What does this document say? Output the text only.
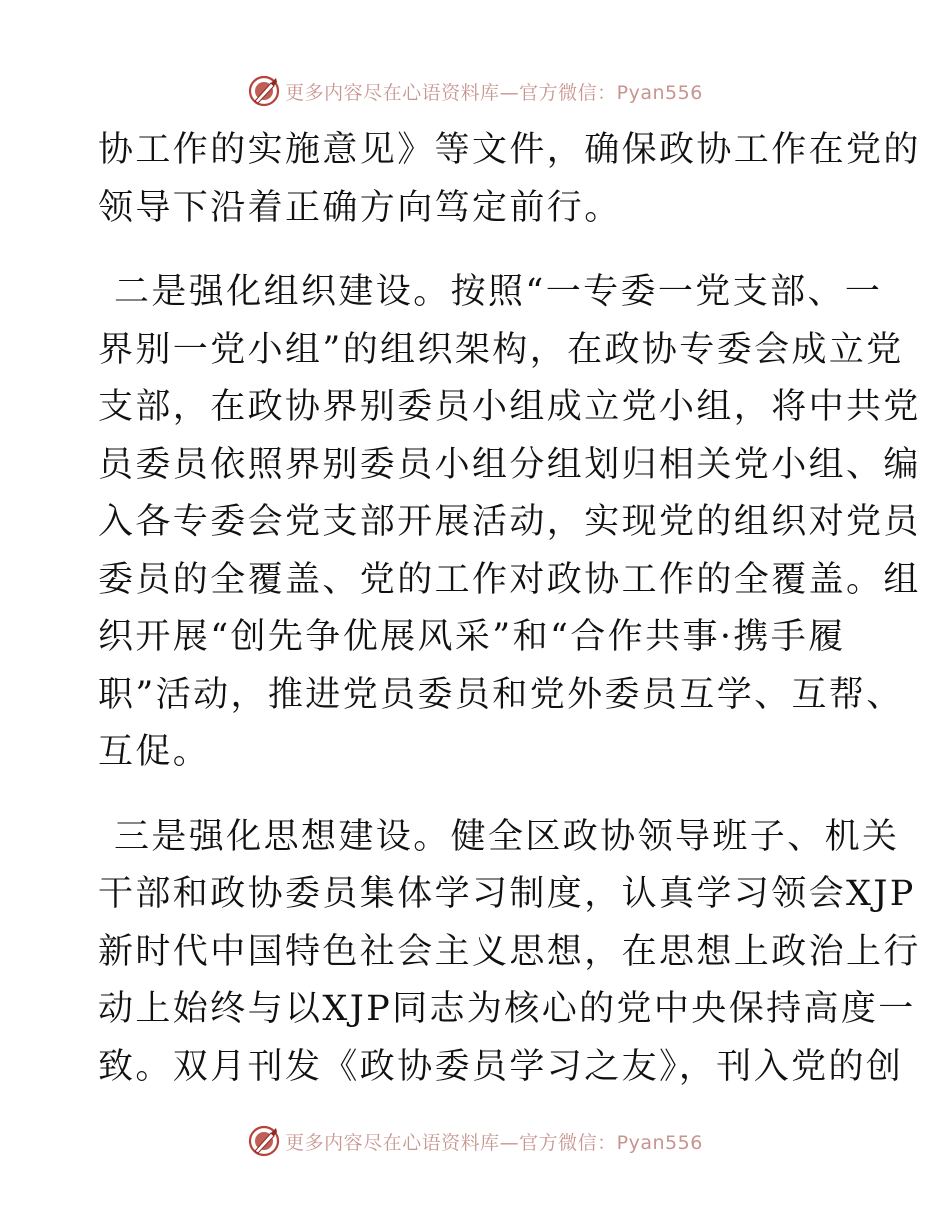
更多内容尽在心语资料库—官方微信：Pyan556
协工作的实施意见》等文件，确保政协工作在党的
领导下沿着正确方向笃定前行。
二是强化组织建设。按照“一专委一党支部、一
界别一党小组”的组织架构，在政协专委会成立党
支部，在政协界别委员小组成立党小组，将中共党
员委员依照界别委员小组分组划归相关党小组、编
入各专委会党支部开展活动，实现党的组织对党员
委员的全覆盖、党的工作对政协工作的全覆盖。组
织开展“创先争优展风采”和“合作共事·携手履
职”活动，推进党员委员和党外委员互学、互帮、
互促。
三是强化思想建设。健全区政协领导班子、机关
干部和政协委员集体学习制度，认真学习领会XJP
新时代中国特色社会主义思想，在思想上政治上行
动上始终与以XJP同志为核心的党中央保持高度一
致。双月刊发《政协委员学习之友》，刊入党的创
更多内容尽在心语资料库—官方微信：Pyan556
